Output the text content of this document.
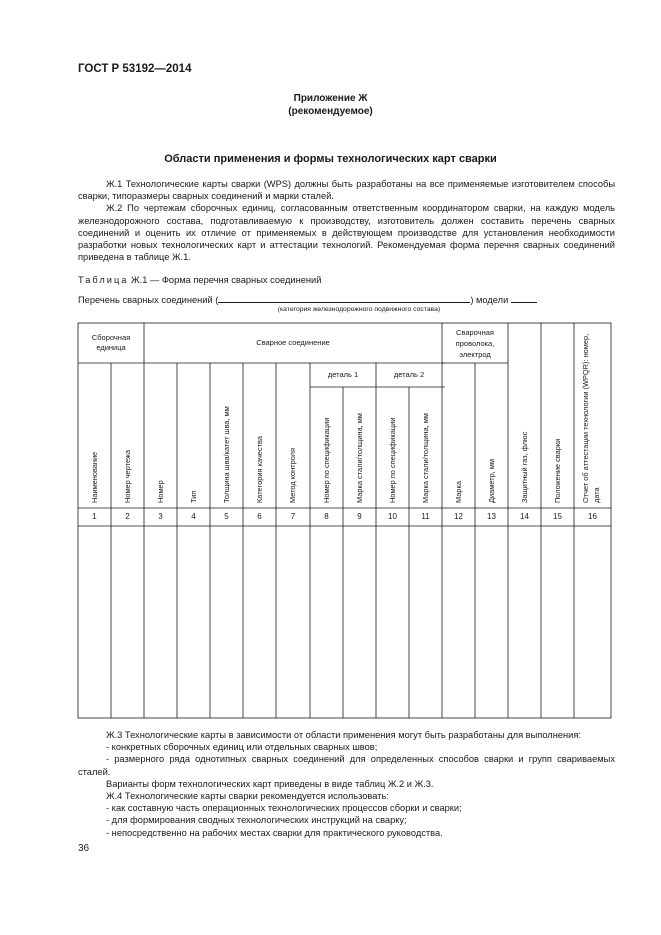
ГОСТ Р 53192—2014
Приложение Ж
(рекомендуемое)
Области применения и формы технологических карт сварки

Ж.1 Технологические карты сварки (WPS) должны быть разработаны на все применяемые изготовителем способы сварки, типоразмеры сварных соединений и марки сталей.

Ж.2 По чертежам сборочных единиц, согласованным ответственным координатором сварки, на каждую модель железнодорожного состава, подготавливаемую к производству, изготовитель должен составить перечень сварных соединений и оценить их отличие от применяемых в действующем производстве для установления необходимости разработки новых технологических карт и аттестации технологий. Рекомендуемая форма перечня сварных соединений приведена в таблице Ж.1.

Таблица Ж.1 — Форма перечня сварных соединений
Перечень сварных соединений (	) модели
(категория железнодорожного подвижного состава)
Сборочная единица
Сварное соединение
деталь 1	деталь 2
Сварочная проволока, электрод
Наименование	Номер чертежа	Номер	Тип	Толщина шва/катет шва, мм	Категория качества	Метод контроля	Номер по спецификации	Марка стали/толщина, мм	Номер по спецификации	Марка стали/толщина, мм	Марка	Диаметр, мм	Защитный газ, флюс	Положение сварки	Отчет об аттестации технологии (WPQR): номер, дата
1	2	3	4	5	6	7	8	9	10	11	12	13	14	15	16

Ж.3 Технологические карты в зависимости от области применения могут быть разработаны для выполнения:

- конкретных сборочных единиц или отдельных сварных швов;

- размерного ряда однотипных сварных соединений для определенных способов сварки и групп свариваемых сталей.

Варианты форм технологических карт приведены в виде таблиц Ж.2 и Ж.3.

Ж.4 Технологические карты сварки рекомендуется использовать:

- как составную часть операционных технологических процессов сборки и сварки;

- для формирования сводных технологических инструкций на сварку;

- непосредственно на рабочих местах сварки для практического руководства.

36
